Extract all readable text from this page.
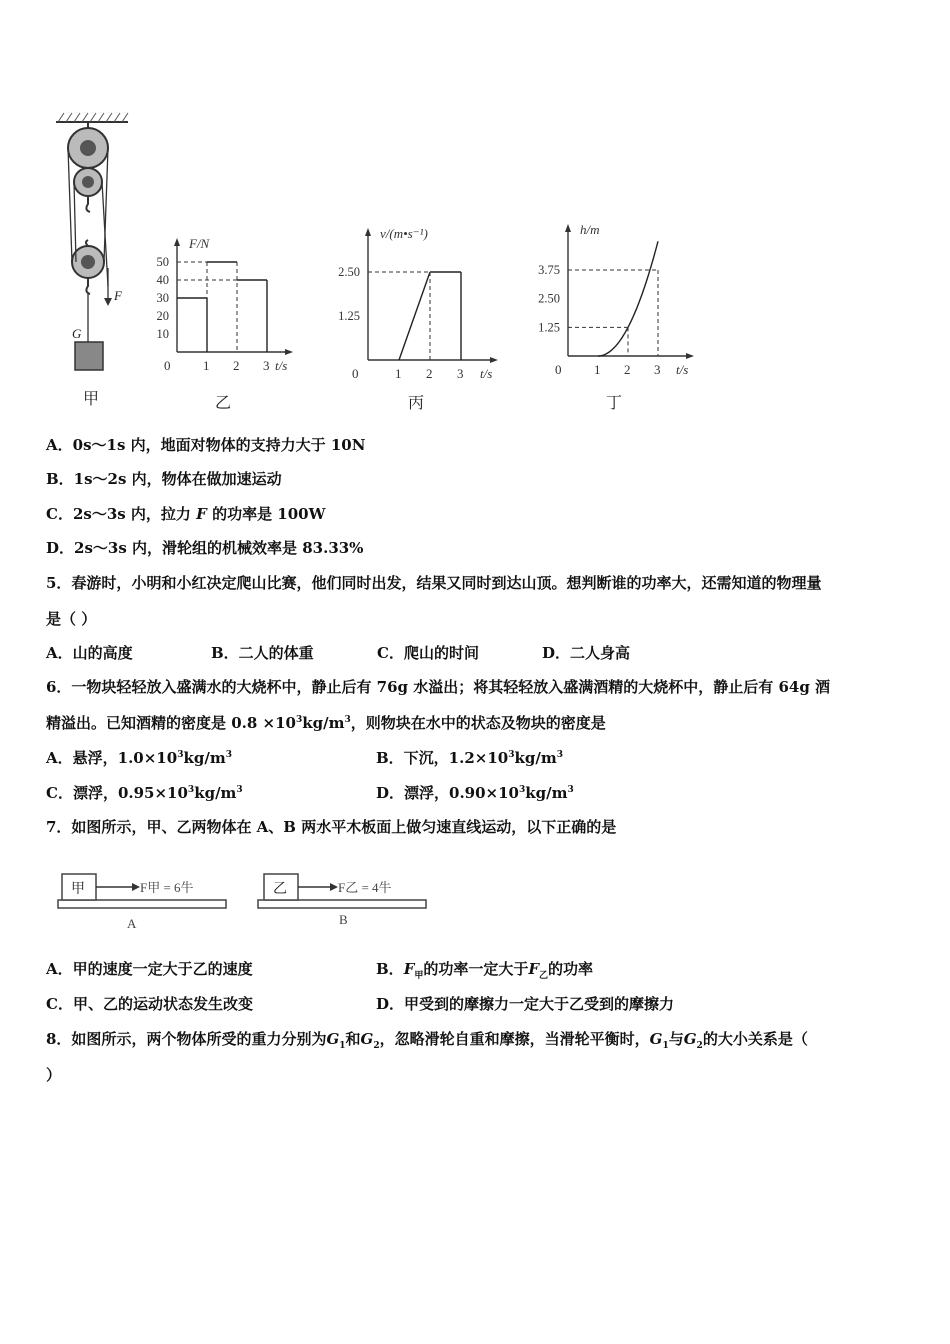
F
G
甲
0	1 2 3
10
20
30
40
50
t/s
F/N
乙
0	1 2 3
1.25
2.50
t/s
v/(m•s⁻¹)
丙
0	1 2 3
1.25
2.50
3.75
t/s
h/m
丁
A．0s～1s 内，地面对物体的支持力大于 10N
B．1s～2s 内，物体在做加速运动
C．2s～3s 内，拉力 F 的功率是 100W
D．2s～3s 内，滑轮组的机械效率是 83.33%
5．春游时，小明和小红决定爬山比赛，他们同时出发，结果又同时到达山顶。想判断谁的功率大，还需知道的物理量
是（ ）
A．山的高度	B．二人的体重	C．爬山的时间	D．二人身高
6．一物块轻轻放入盛满水的大烧杯中，静止后有 76g 水溢出；将其轻轻放入盛满酒精的大烧杯中，静止后有 64g 酒
精溢出。已知酒精的密度是 $0.8 \times 10^3kg/m^3$，则物块在水中的状态及物块的密度是
A．悬浮，$1.0\times 10^3kg/m^3$	B．下沉，$1.2\times 10^3kg/m^3$
C．漂浮，$0.95\times 10^3kg/m^3$	D．漂浮，$0.90\times 10^3kg/m^3$
7．如图所示，甲、乙两物体在 A、B 两水平木板面上做匀速直线运动，以下正确的是
甲	F甲 = 6牛
A
乙	F乙 = 4牛
B
A．甲的速度一定大于乙的速度	B．$F_甲$的功率一定大于$F_乙$的功率
C．甲、乙的运动状态发生改变	D．甲受到的摩擦力一定大于乙受到的摩擦力
8．如图所示，两个物体所受的重力分别为$G_1$和$G_2$，忽略滑轮自重和摩擦，当滑轮平衡时，$G_1$与$G_2$的大小关系是（
）
